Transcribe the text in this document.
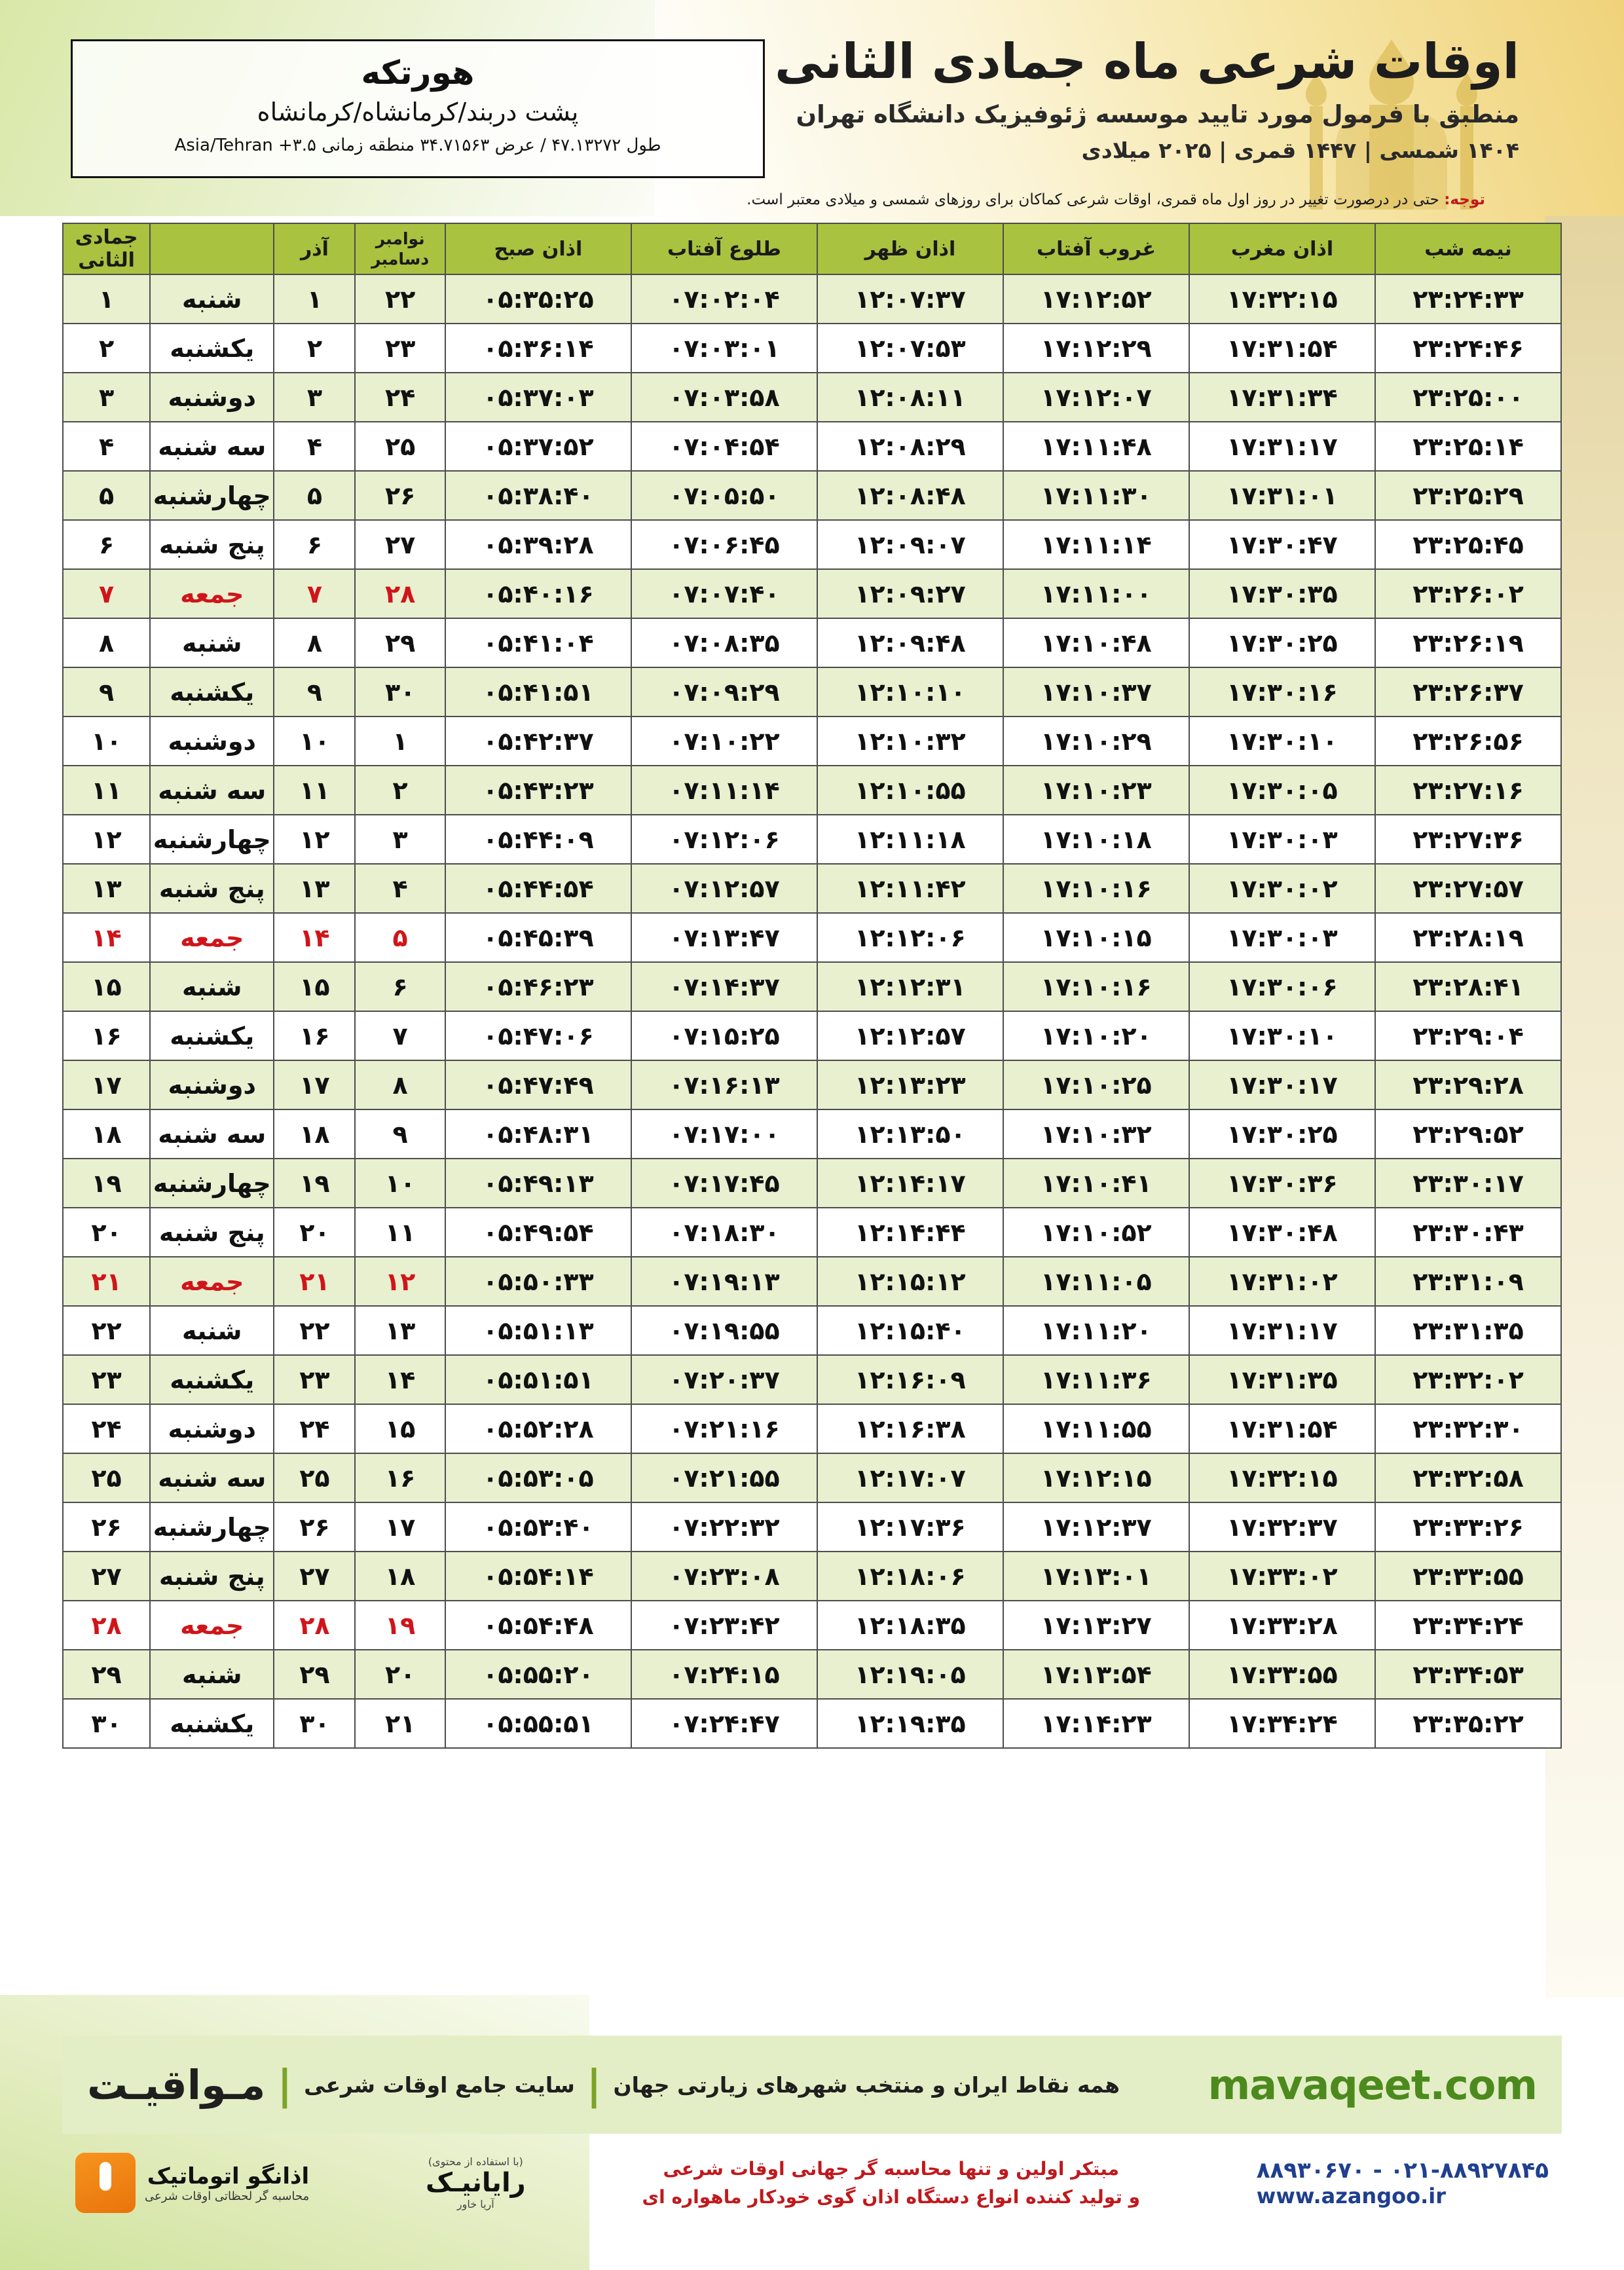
اوقات شرعی ماه جمادی الثانی
منطبق با فرمول مورد تایید موسسه ژئوفیزیک دانشگاه تهران
۱۴۰۴ شمسی | ۱۴۴۷ قمری | ۲۰۲۵ میلادی
هورتکه
پشت دربند/کرمانشاه/کرمانشاه
طول ۴۷.۱۳۲۷۲ / عرض ۳۴.۷۱۵۶۳ منطقه زمانی Asia/Tehran +۳.۵
توجه: حتی در درصورت تغییر در روز اول ماه قمری، اوقات شرعی کماکان برای روزهای شمسی و میلادی معتبر است.
نیمه شب	اذان مغرب	غروب آفتاب	اذان ظهر	طلوع آفتاب	اذان صبح	نوامبر
دسامبر	آذر		جمادی الثانی
۲۳:۲۴:۳۳	۱۷:۳۲:۱۵	۱۷:۱۲:۵۲	۱۲:۰۷:۳۷	۰۷:۰۲:۰۴	۰۵:۳۵:۲۵	۲۲	۱	شنبه	۱
۲۳:۲۴:۴۶	۱۷:۳۱:۵۴	۱۷:۱۲:۲۹	۱۲:۰۷:۵۳	۰۷:۰۳:۰۱	۰۵:۳۶:۱۴	۲۳	۲	یکشنبه	۲
۲۳:۲۵:۰۰	۱۷:۳۱:۳۴	۱۷:۱۲:۰۷	۱۲:۰۸:۱۱	۰۷:۰۳:۵۸	۰۵:۳۷:۰۳	۲۴	۳	دوشنبه	۳
۲۳:۲۵:۱۴	۱۷:۳۱:۱۷	۱۷:۱۱:۴۸	۱۲:۰۸:۲۹	۰۷:۰۴:۵۴	۰۵:۳۷:۵۲	۲۵	۴	سه شنبه	۴
۲۳:۲۵:۲۹	۱۷:۳۱:۰۱	۱۷:۱۱:۳۰	۱۲:۰۸:۴۸	۰۷:۰۵:۵۰	۰۵:۳۸:۴۰	۲۶	۵	چهارشنبه	۵
۲۳:۲۵:۴۵	۱۷:۳۰:۴۷	۱۷:۱۱:۱۴	۱۲:۰۹:۰۷	۰۷:۰۶:۴۵	۰۵:۳۹:۲۸	۲۷	۶	پنج شنبه	۶
۲۳:۲۶:۰۲	۱۷:۳۰:۳۵	۱۷:۱۱:۰۰	۱۲:۰۹:۲۷	۰۷:۰۷:۴۰	۰۵:۴۰:۱۶	۲۸	۷	جمعه	۷
۲۳:۲۶:۱۹	۱۷:۳۰:۲۵	۱۷:۱۰:۴۸	۱۲:۰۹:۴۸	۰۷:۰۸:۳۵	۰۵:۴۱:۰۴	۲۹	۸	شنبه	۸
۲۳:۲۶:۳۷	۱۷:۳۰:۱۶	۱۷:۱۰:۳۷	۱۲:۱۰:۱۰	۰۷:۰۹:۲۹	۰۵:۴۱:۵۱	۳۰	۹	یکشنبه	۹
۲۳:۲۶:۵۶	۱۷:۳۰:۱۰	۱۷:۱۰:۲۹	۱۲:۱۰:۳۲	۰۷:۱۰:۲۲	۰۵:۴۲:۳۷	۱	۱۰	دوشنبه	۱۰
۲۳:۲۷:۱۶	۱۷:۳۰:۰۵	۱۷:۱۰:۲۳	۱۲:۱۰:۵۵	۰۷:۱۱:۱۴	۰۵:۴۳:۲۳	۲	۱۱	سه شنبه	۱۱
۲۳:۲۷:۳۶	۱۷:۳۰:۰۳	۱۷:۱۰:۱۸	۱۲:۱۱:۱۸	۰۷:۱۲:۰۶	۰۵:۴۴:۰۹	۳	۱۲	چهارشنبه	۱۲
۲۳:۲۷:۵۷	۱۷:۳۰:۰۲	۱۷:۱۰:۱۶	۱۲:۱۱:۴۲	۰۷:۱۲:۵۷	۰۵:۴۴:۵۴	۴	۱۳	پنج شنبه	۱۳
۲۳:۲۸:۱۹	۱۷:۳۰:۰۳	۱۷:۱۰:۱۵	۱۲:۱۲:۰۶	۰۷:۱۳:۴۷	۰۵:۴۵:۳۹	۵	۱۴	جمعه	۱۴
۲۳:۲۸:۴۱	۱۷:۳۰:۰۶	۱۷:۱۰:۱۶	۱۲:۱۲:۳۱	۰۷:۱۴:۳۷	۰۵:۴۶:۲۳	۶	۱۵	شنبه	۱۵
۲۳:۲۹:۰۴	۱۷:۳۰:۱۰	۱۷:۱۰:۲۰	۱۲:۱۲:۵۷	۰۷:۱۵:۲۵	۰۵:۴۷:۰۶	۷	۱۶	یکشنبه	۱۶
۲۳:۲۹:۲۸	۱۷:۳۰:۱۷	۱۷:۱۰:۲۵	۱۲:۱۳:۲۳	۰۷:۱۶:۱۳	۰۵:۴۷:۴۹	۸	۱۷	دوشنبه	۱۷
۲۳:۲۹:۵۲	۱۷:۳۰:۲۵	۱۷:۱۰:۳۲	۱۲:۱۳:۵۰	۰۷:۱۷:۰۰	۰۵:۴۸:۳۱	۹	۱۸	سه شنبه	۱۸
۲۳:۳۰:۱۷	۱۷:۳۰:۳۶	۱۷:۱۰:۴۱	۱۲:۱۴:۱۷	۰۷:۱۷:۴۵	۰۵:۴۹:۱۳	۱۰	۱۹	چهارشنبه	۱۹
۲۳:۳۰:۴۳	۱۷:۳۰:۴۸	۱۷:۱۰:۵۲	۱۲:۱۴:۴۴	۰۷:۱۸:۳۰	۰۵:۴۹:۵۴	۱۱	۲۰	پنج شنبه	۲۰
۲۳:۳۱:۰۹	۱۷:۳۱:۰۲	۱۷:۱۱:۰۵	۱۲:۱۵:۱۲	۰۷:۱۹:۱۳	۰۵:۵۰:۳۳	۱۲	۲۱	جمعه	۲۱
۲۳:۳۱:۳۵	۱۷:۳۱:۱۷	۱۷:۱۱:۲۰	۱۲:۱۵:۴۰	۰۷:۱۹:۵۵	۰۵:۵۱:۱۳	۱۳	۲۲	شنبه	۲۲
۲۳:۳۲:۰۲	۱۷:۳۱:۳۵	۱۷:۱۱:۳۶	۱۲:۱۶:۰۹	۰۷:۲۰:۳۷	۰۵:۵۱:۵۱	۱۴	۲۳	یکشنبه	۲۳
۲۳:۳۲:۳۰	۱۷:۳۱:۵۴	۱۷:۱۱:۵۵	۱۲:۱۶:۳۸	۰۷:۲۱:۱۶	۰۵:۵۲:۲۸	۱۵	۲۴	دوشنبه	۲۴
۲۳:۳۲:۵۸	۱۷:۳۲:۱۵	۱۷:۱۲:۱۵	۱۲:۱۷:۰۷	۰۷:۲۱:۵۵	۰۵:۵۳:۰۵	۱۶	۲۵	سه شنبه	۲۵
۲۳:۳۳:۲۶	۱۷:۳۲:۳۷	۱۷:۱۲:۳۷	۱۲:۱۷:۳۶	۰۷:۲۲:۳۲	۰۵:۵۳:۴۰	۱۷	۲۶	چهارشنبه	۲۶
۲۳:۳۳:۵۵	۱۷:۳۳:۰۲	۱۷:۱۳:۰۱	۱۲:۱۸:۰۶	۰۷:۲۳:۰۸	۰۵:۵۴:۱۴	۱۸	۲۷	پنج شنبه	۲۷
۲۳:۳۴:۲۴	۱۷:۳۳:۲۸	۱۷:۱۳:۲۷	۱۲:۱۸:۳۵	۰۷:۲۳:۴۲	۰۵:۵۴:۴۸	۱۹	۲۸	جمعه	۲۸
۲۳:۳۴:۵۳	۱۷:۳۳:۵۵	۱۷:۱۳:۵۴	۱۲:۱۹:۰۵	۰۷:۲۴:۱۵	۰۵:۵۵:۲۰	۲۰	۲۹	شنبه	۲۹
۲۳:۳۵:۲۲	۱۷:۳۴:۲۴	۱۷:۱۴:۲۳	۱۲:۱۹:۳۵	۰۷:۲۴:۴۷	۰۵:۵۵:۵۱	۲۱	۳۰	یکشنبه	۳۰
mavaqeet.com
همه نقاط ایران و منتخب شهرهای زیارتی جهان
|
سایت جامع اوقات شرعی
|
مـواقیـت
۰۲۱-۸۸۹۲۷۸۴۵ - ۸۸۹۳۰۶۷۰
www.azangoo.ir
مبتکر اولین و تنها محاسبه گر جهانی اوقات شرعی
و تولید کننده انواع دستگاه اذان گوی خودکار ماهواره ای
(با استفاده از محتوی)
رایانیـک
آریا خاور
اذانگو اتوماتیک
محاسبه گر لحظاتی اوقات شرعی
